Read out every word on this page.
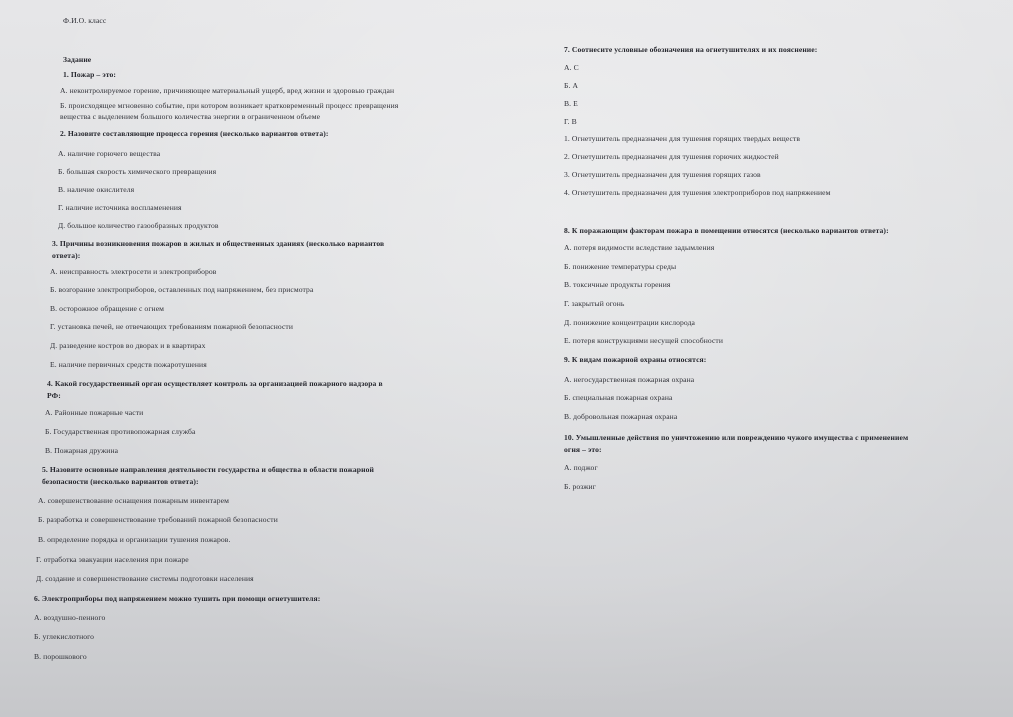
Ф.И.О. класс
Задание
1. Пожар – это:
А. неконтролируемое горение, причиняющее материальный ущерб, вред жизни и здоровью граждан
Б. происходящее мгновенно событие, при котором возникает кратковременный процесс превращения
вещества с выделением большого количества энергии в ограниченном объеме
2. Назовите составляющие процесса горения (несколько вариантов ответа):
А. наличие горючего вещества
Б. большая скорость химического превращения
В. наличие окислителя
Г. наличие источника воспламенения
Д. большое количество газообразных продуктов
3. Причины возникновения пожаров в жилых и общественных зданиях (несколько вариантов
ответа):
А. неисправность электросети и электроприборов
Б. возгорание электроприборов, оставленных под напряжением, без присмотра
В. осторожное обращение с огнем
Г. установка печей, не отвечающих требованиям пожарной безопасности
Д. разведение костров во дворах и в квартирах
Е. наличие первичных средств пожаротушения
4. Какой государственный орган осуществляет контроль за организацией пожарного надзора в
РФ:
А. Районные пожарные части
Б. Государственная противопожарная служба
В. Пожарная дружина
5. Назовите основные направления деятельности государства и общества в области пожарной
безопасности (несколько вариантов ответа):
А. совершенствование оснащения пожарным инвентарем
Б. разработка и совершенствование требований пожарной безопасности
В. определение порядка и организации тушения пожаров.
Г. отработка эвакуации населения при пожаре
Д. создание и совершенствование системы подготовки населения
6. Электроприборы под напряжением можно тушить при помощи огнетушителя:
А. воздушно-пенного
Б. углекислотного
В. порошкового
7. Соотнесите условные обозначения на огнетушителях и их пояснение:
А. С
Б. А
В. Е
Г. В
1. Огнетушитель предназначен для тушения горящих твердых веществ
2. Огнетушитель предназначен для тушения горючих жидкостей
3. Огнетушитель предназначен для тушения горящих газов
4. Огнетушитель предназначен для тушения электроприборов под напряжением
8. К поражающим факторам пожара в помещении относятся (несколько вариантов ответа):
А. потеря видимости вследствие задымления
Б. понижение температуры среды
В. токсичные продукты горения
Г. закрытый огонь
Д. понижение концентрации кислорода
Е. потеря конструкциями несущей способности
9. К видам пожарной охраны относятся:
А. негосударственная пожарная охрана
Б. специальная пожарная охрана
В. добровольная пожарная охрана
10. Умышленные действия по уничтожению или повреждению чужого имущества с применением
огня – это:
А. поджог
Б. розжиг
